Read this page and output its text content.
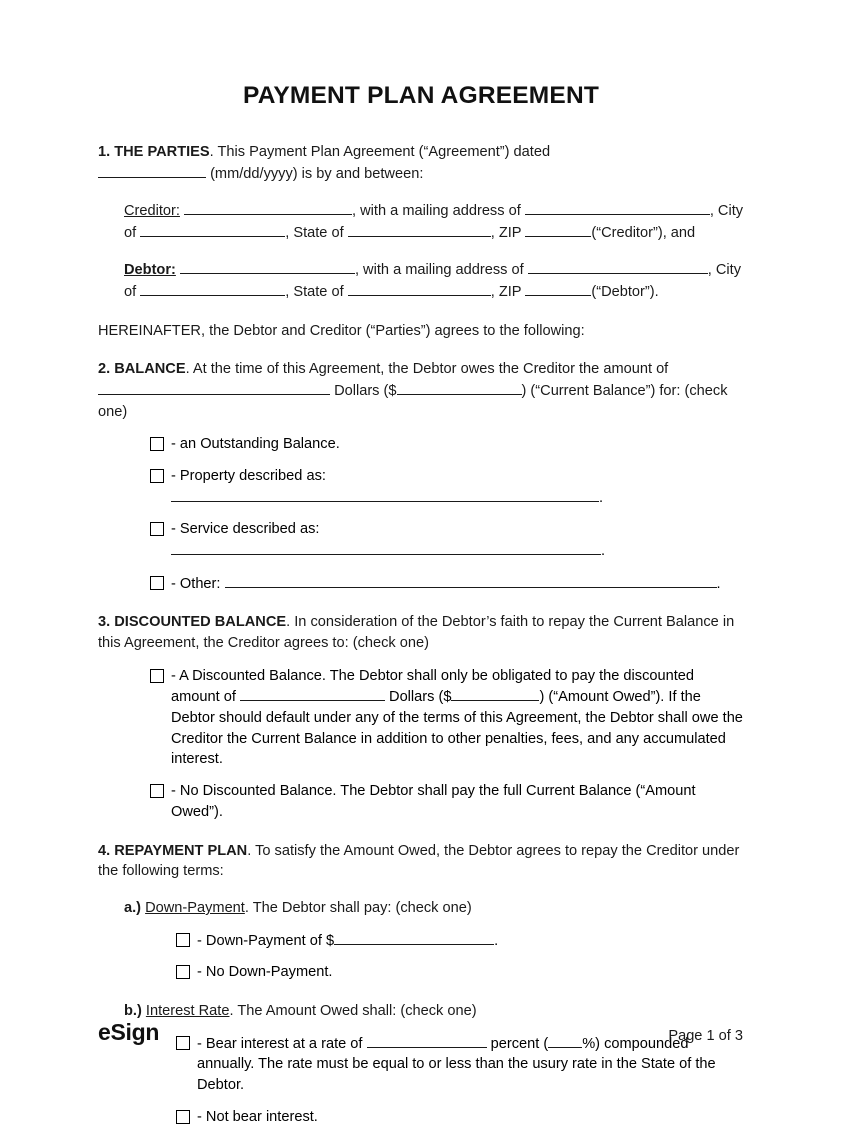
PAYMENT PLAN AGREEMENT
1. THE PARTIES. This Payment Plan Agreement (“Agreement”) dated
(mm/dd/yyyy) is by and between:
Creditor:	, with a mailing address of	, City
of	, State of	, ZIP	(“Creditor”), and
Debtor:	, with a mailing address of	, City
of	, State of	, ZIP	(“Debtor”).
HEREINAFTER, the Debtor and Creditor (“Parties”) agrees to the following:
2. BALANCE. At the time of this Agreement, the Debtor owes the Creditor the amount of
Dollars ($	) (“Current Balance”) for: (check one)
- an Outstanding Balance.
- Property described as: .
- Service described as: .
- Other:	.
3. DISCOUNTED BALANCE. In consideration of the Debtor’s faith to repay the Current Balance in this Agreement, the Creditor agrees to: (check one)
- A Discounted Balance. The Debtor shall only be obligated to pay the discounted amount of	Dollars ($	) (“Amount Owed”). If the Debtor should default under any of the terms of this Agreement, the Debtor shall owe the Creditor the Current Balance in addition to other penalties, fees, and any accumulated interest.
- No Discounted Balance. The Debtor shall pay the full Current Balance (“Amount Owed”).
4. REPAYMENT PLAN. To satisfy the Amount Owed, the Debtor agrees to repay the Creditor under the following terms:
a.) Down-Payment. The Debtor shall pay: (check one)
- Down-Payment of $	.
- No Down-Payment.
b.) Interest Rate. The Amount Owed shall: (check one)
- Bear interest at a rate of	percent ( %) compounded annually. The rate must be equal to or less than the usury rate in the State of the Debtor.
- Not bear interest.
eSign	Page 1 of 3
